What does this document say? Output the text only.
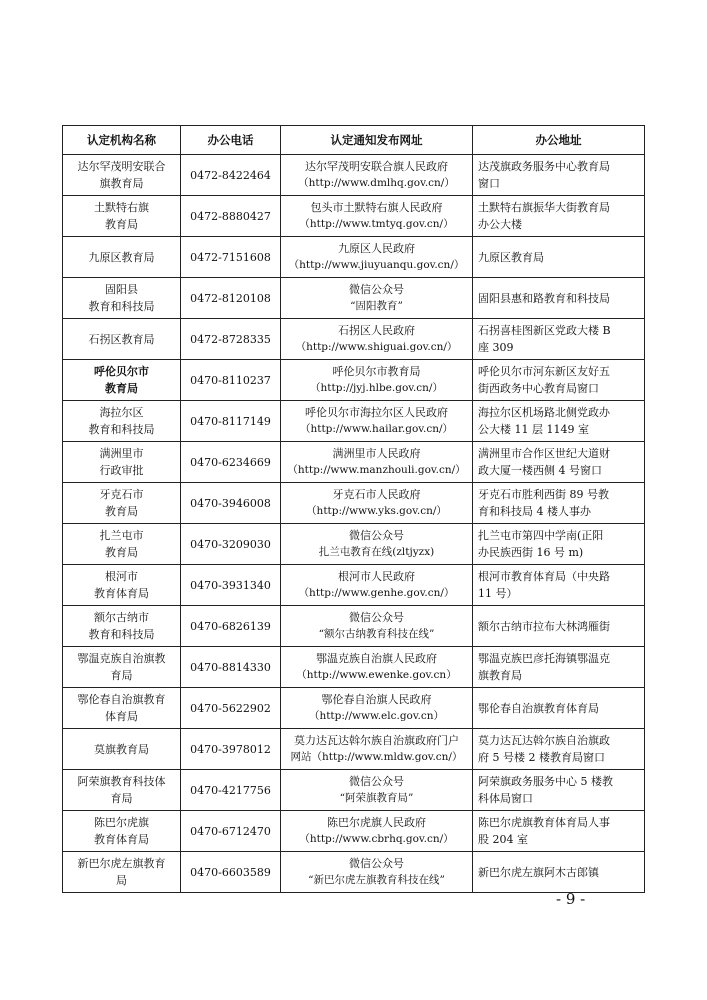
认定机构名称	办公电话	认定通知发布网址	办公地址

达尔罕茂明安联合
旗教育局	0472-8422464	达尔罕茂明安联合旗人民政府
（http://www.dmlhq.gov.cn/）	达茂旗政务服务中心教育局
窗口

土默特右旗
教育局	0472-8880427	包头市土默特右旗人民政府
（http://www.tmtyq.gov.cn/）	土默特右旗振华大街教育局
办公大楼

九原区教育局	0472-7151608	九原区人民政府
（http://www.jiuyuanqu.gov.cn/）	九原区教育局

固阳县
教育和科技局	0472-8120108	微信公众号
“固阳教育”	固阳县惠和路教育和科技局

石拐区教育局	0472-8728335	石拐区人民政府
（http://www.shiguai.gov.cn/）	石拐喜桂图新区党政大楼 B
座 309

呼伦贝尔市
教育局	0470-8110237	呼伦贝尔市教育局
（http://jyj.hlbe.gov.cn/）	呼伦贝尔市河东新区友好五
街西政务中心教育局窗口

海拉尔区
教育和科技局	0470-8117149	呼伦贝尔市海拉尔区人民政府
（http://www.hailar.gov.cn/）	海拉尔区机场路北侧党政办
公大楼 11 层 1149 室

满洲里市
行政审批	0470-6234669	满洲里市人民政府
（http://www.manzhouli.gov.cn/）	满洲里市合作区世纪大道财
政大厦一楼西侧 4 号窗口

牙克石市
教育局	0470-3946008	牙克石市人民政府
（http://www.yks.gov.cn/）	牙克石市胜利西街 89 号教
育和科技局 4 楼人事办

扎兰屯市
教育局	0470-3209030	微信公众号
扎兰屯教育在线(zltjyzx)	扎兰屯市第四中学南(正阳
办民族西街 16 号 m)

根河市
教育体育局	0470-3931340	根河市人民政府
（http://www.genhe.gov.cn/）	根河市教育体育局（中央路
11 号）

额尔古纳市
教育和科技局	0470-6826139	微信公众号
“额尔古纳教育科技在线”	额尔古纳市拉布大林鸿雁街

鄂温克族自治旗教
育局	0470-8814330	鄂温克族自治旗人民政府
（http://www.ewenke.gov.cn）	鄂温克族巴彦托海镇鄂温克
旗教育局

鄂伦春自治旗教育
体育局	0470-5622902	鄂伦春自治旗人民政府
（http://www.elc.gov.cn）	鄂伦春自治旗教育体育局

莫旗教育局	0470-3978012	莫力达瓦达斡尔族自治旗政府门户
网站（http://www.mldw.gov.cn/）	莫力达瓦达斡尔族自治旗政
府 5 号楼 2 楼教育局窗口

阿荣旗教育科技体
育局	0470-4217756	微信公众号
“阿荣旗教育局”	阿荣旗政务服务中心 5 楼教
科体局窗口

陈巴尔虎旗
教育体育局	0470-6712470	陈巴尔虎旗人民政府
（http://www.cbrhq.gov.cn/）	陈巴尔虎旗教育体育局人事
股 204 室

新巴尔虎左旗教育
局	0470-6603589	微信公众号
“新巴尔虎左旗教育科技在线”	新巴尔虎左旗阿木古郎镇
- 9 -
